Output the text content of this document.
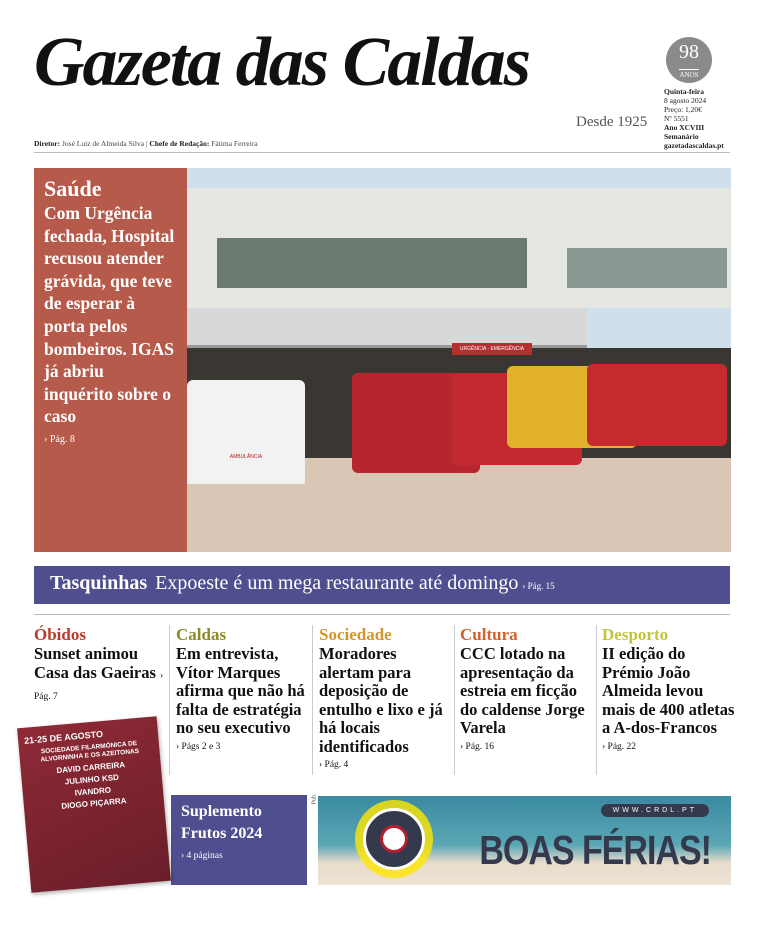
Gazeta das Caldas
Desde 1925
98
ANOS
Quinta-feira
8 agosto 2024
Preço: 1,20€
Nº 5551
Ano XCVIII
Semanário
gazetadascaldas.pt
Diretor: José Luiz de Almeida Silva | Chefe de Redação: Fátima Ferreira
Saúde
Com Urgência fechada, Hospital recusou atender grávida, que teve de esperar à porta pelos bombeiros. IGAS já abriu inquérito sobre o caso
› Pág. 8
URGÊNCIA · EMERGÊNCIA
AMBULÂNCIA
Tasquinhas Expoeste é um mega restaurante até domingo › Pág. 15
Óbidos
Sunset animou Casa das Gaeiras › Pág. 7
Caldas
Em entrevista, Vítor Marques afirma que não há falta de estratégia no seu executivo
› Págs 2 e 3
Sociedade
Moradores alertam para deposição de entulho e lixo e já há locais identificados
› Pág. 4
Cultura
CCC lotado na apresentação da estreia em ficção do caldense Jorge Varela
› Pág. 16
Desporto
II edição do Prémio João Almeida levou mais de 400 atletas a A-dos-Francos
› Pág. 22
Suplemento Frutos 2024
› 4 páginas
21-25 DE AGOSTO
SOCIEDADE FILARMÓNICA DE ALVORNINHA E OS AZEITONAS
DAVID CARREIRA
JULINHO KSD
IVANDRO
DIOGO PIÇARRA	Pub.
WWW.CRDL.PT
BOAS FÉRIAS!
